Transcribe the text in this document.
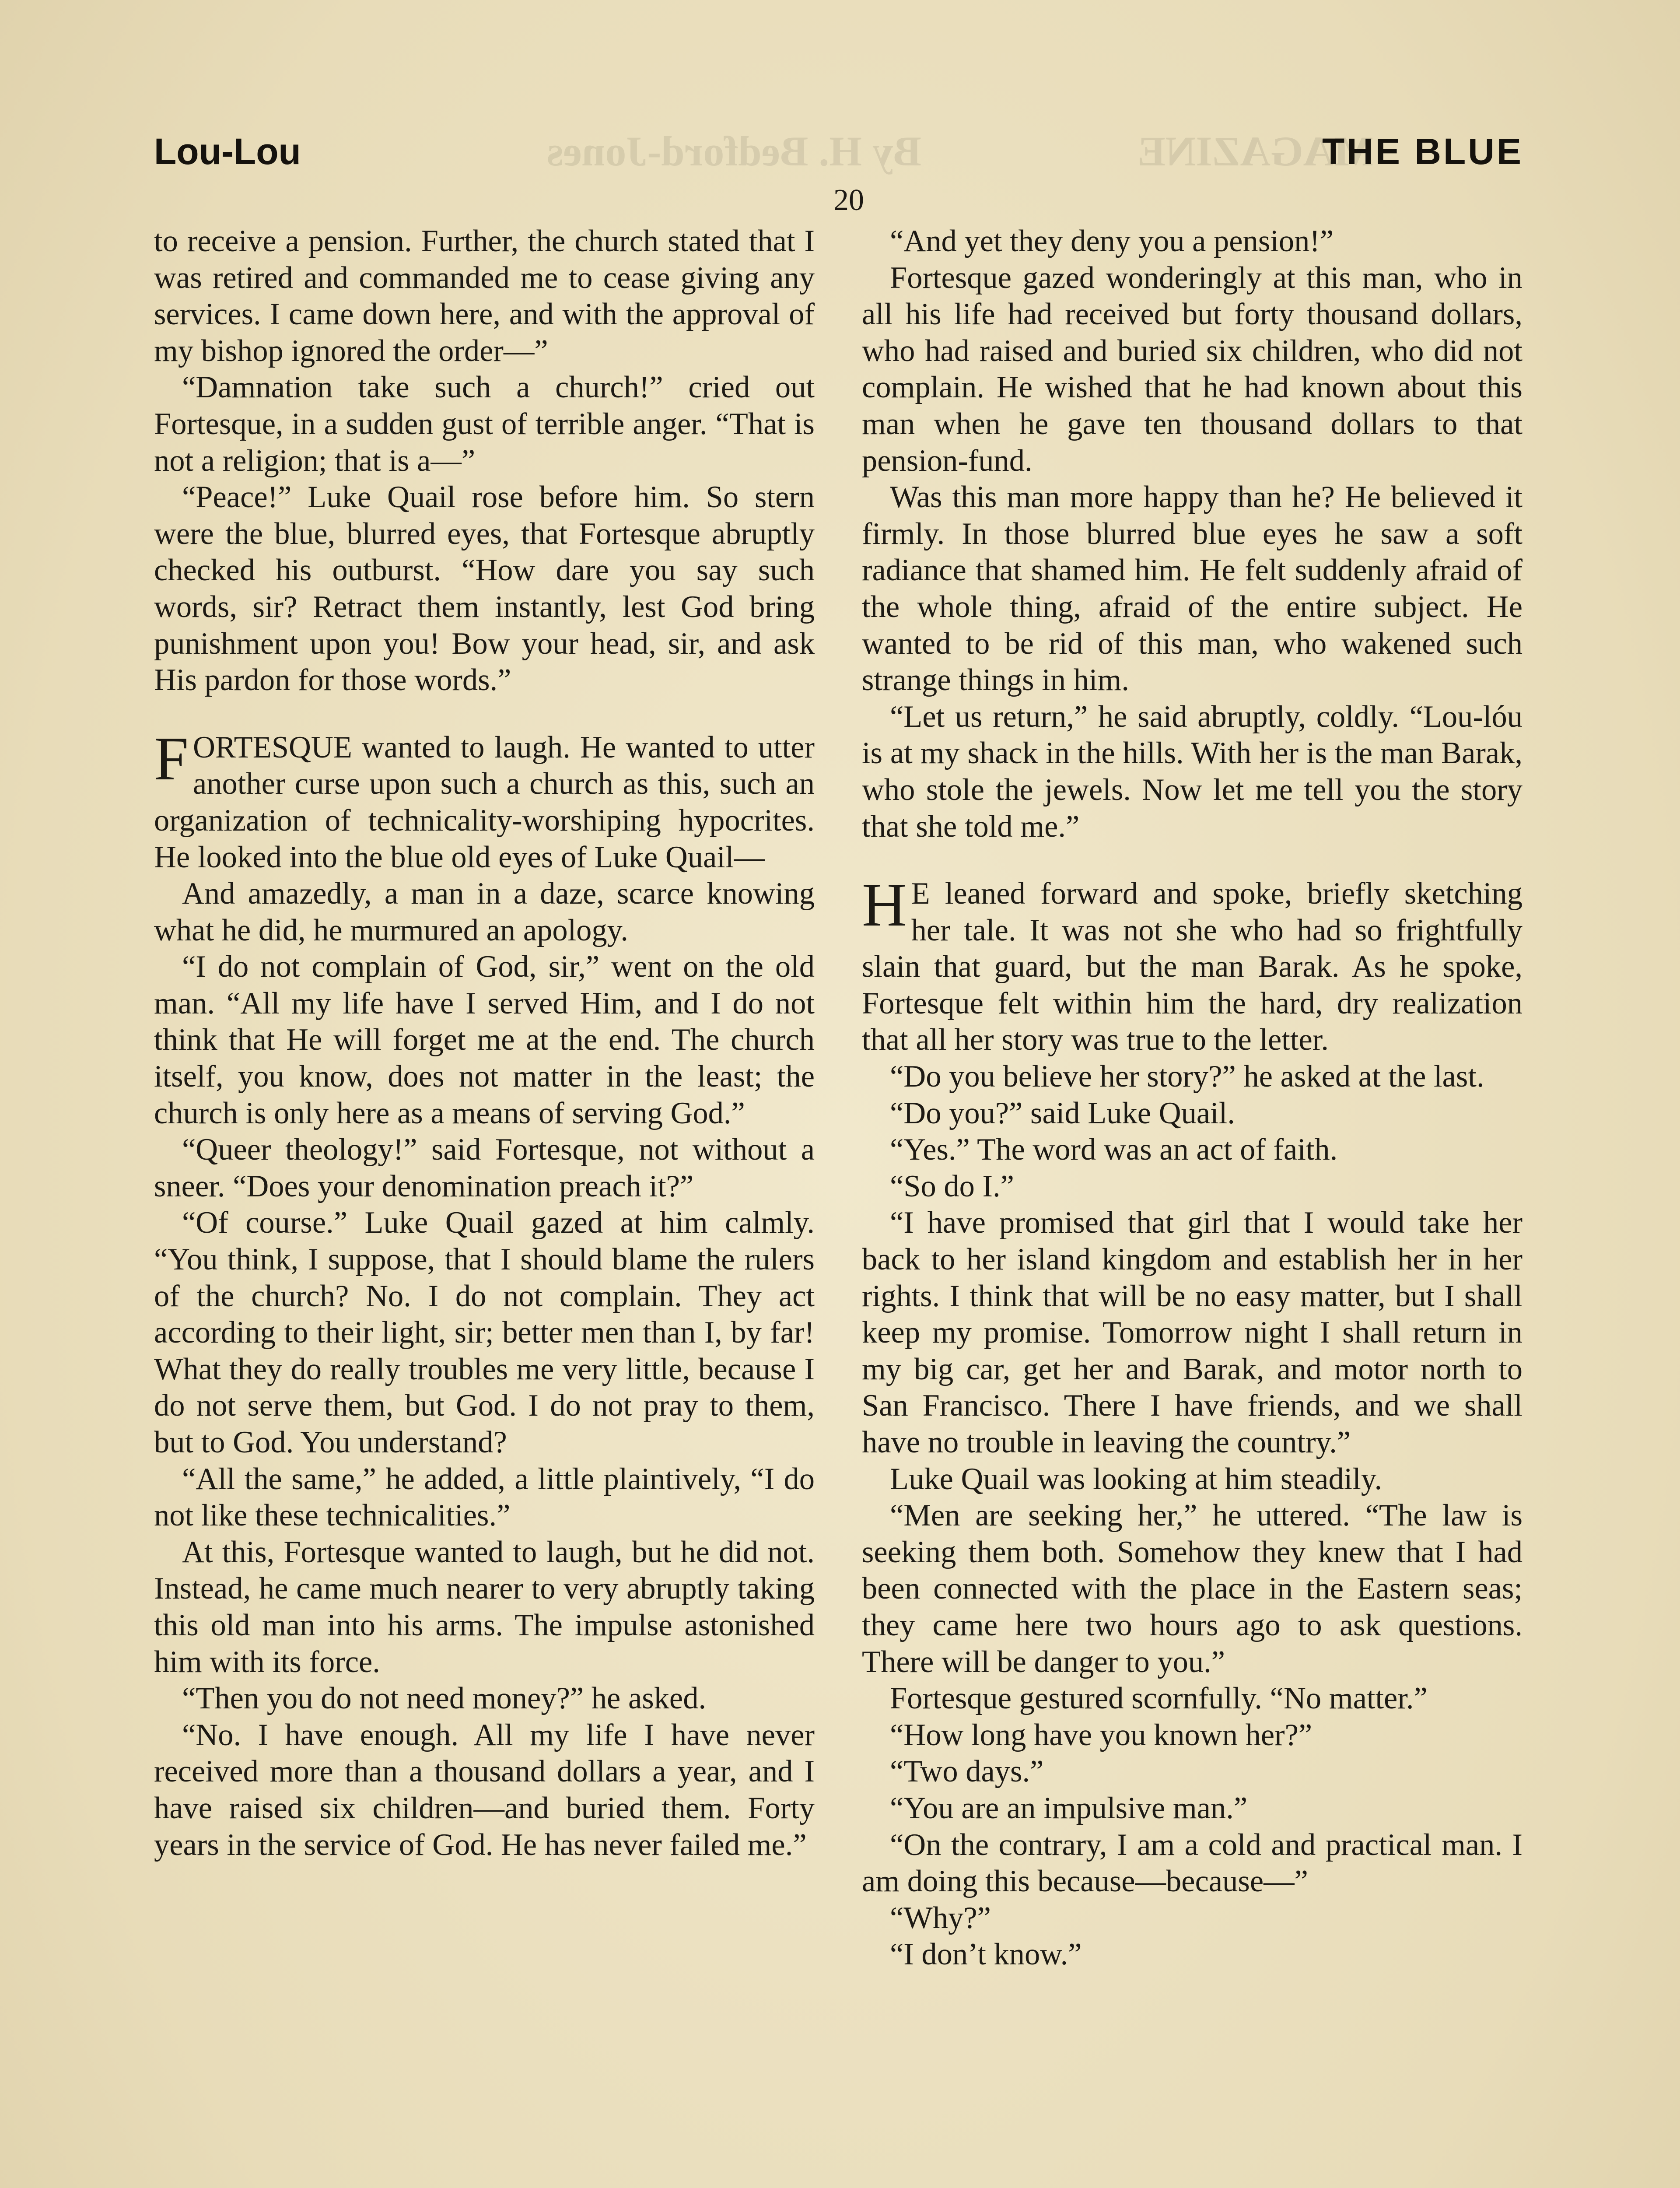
By H. Bedford-Jones	MAGAZINE
Lou-Lou	THE BLUE
20

to receive a pension. Further, the church stated that I was retired and commanded me to cease giving any services. I came down here, and with the approval of my bishop ignored the order—”

“Damnation take such a church!” cried out Fortesque, in a sudden gust of terrible anger. “That is not a religion; that is a—”

“Peace!” Luke Quail rose before him. So stern were the blue, blurred eyes, that Fortesque abruptly checked his outburst. “How dare you say such words, sir? Retract them instantly, lest God bring punishment upon you! Bow your head, sir, and ask His pardon for those words.”

FORTESQUE wanted to laugh. He wanted to utter another curse upon such a church as this, such an organization of technicality-worshiping hypocrites. He looked into the blue old eyes of Luke Quail—

And amazedly, a man in a daze, scarce knowing what he did, he murmured an apology.

“I do not complain of God, sir,” went on the old man. “All my life have I served Him, and I do not think that He will forget me at the end. The church itself, you know, does not matter in the least; the church is only here as a means of serving God.”

“Queer theology!” said Fortesque, not without a sneer. “Does your denomination preach it?”

“Of course.” Luke Quail gazed at him calmly. “You think, I suppose, that I should blame the rulers of the church? No. I do not complain. They act according to their light, sir; better men than I, by far! What they do really troubles me very little, because I do not serve them, but God. I do not pray to them, but to God. You understand?

“All the same,” he added, a little plaintively, “I do not like these technicalities.”

At this, Fortesque wanted to laugh, but he did not. Instead, he came much nearer to very abruptly taking this old man into his arms. The impulse astonished him with its force.

“Then you do not need money?” he asked.

“No. I have enough. All my life I have never received more than a thousand dollars a year, and I have raised six children—and buried them. Forty years in the service of God. He has never failed me.”

“And yet they deny you a pension!”

Fortesque gazed wonderingly at this man, who in all his life had received but forty thousand dollars, who had raised and buried six children, who did not complain. He wished that he had known about this man when he gave ten thousand dollars to that pension-fund.

Was this man more happy than he? He believed it firmly. In those blurred blue eyes he saw a soft radiance that shamed him. He felt suddenly afraid of the whole thing, afraid of the entire subject. He wanted to be rid of this man, who wakened such strange things in him.

“Let us return,” he said abruptly, coldly. “Lou-lóu is at my shack in the hills. With her is the man Barak, who stole the jewels. Now let me tell you the story that she told me.”

H E leaned forward and spoke, briefly sketching her tale. It was not she who had so frightfully slain that guard, but the man Barak. As he spoke, Fortesque felt within him the hard, dry realization that all her story was true to the letter.

“Do you believe her story?” he asked at the last.

“Do you?” said Luke Quail.

“Yes.” The word was an act of faith.

“So do I.”

“I have promised that girl that I would take her back to her island kingdom and establish her in her rights. I think that will be no easy matter, but I shall keep my promise. Tomorrow night I shall return in my big car, get her and Barak, and motor north to San Francisco. There I have friends, and we shall have no trouble in leaving the country.”

Luke Quail was looking at him steadily.

“Men are seeking her,” he uttered. “The law is seeking them both. Somehow they knew that I had been connected with the place in the Eastern seas; they came here two hours ago to ask questions. There will be danger to you.”

Fortesque gestured scornfully. “No matter.”

“How long have you known her?”

“Two days.”

“You are an impulsive man.”

“On the contrary, I am a cold and practical man. I am doing this because—because—”

“Why?”

“I don’t know.”
